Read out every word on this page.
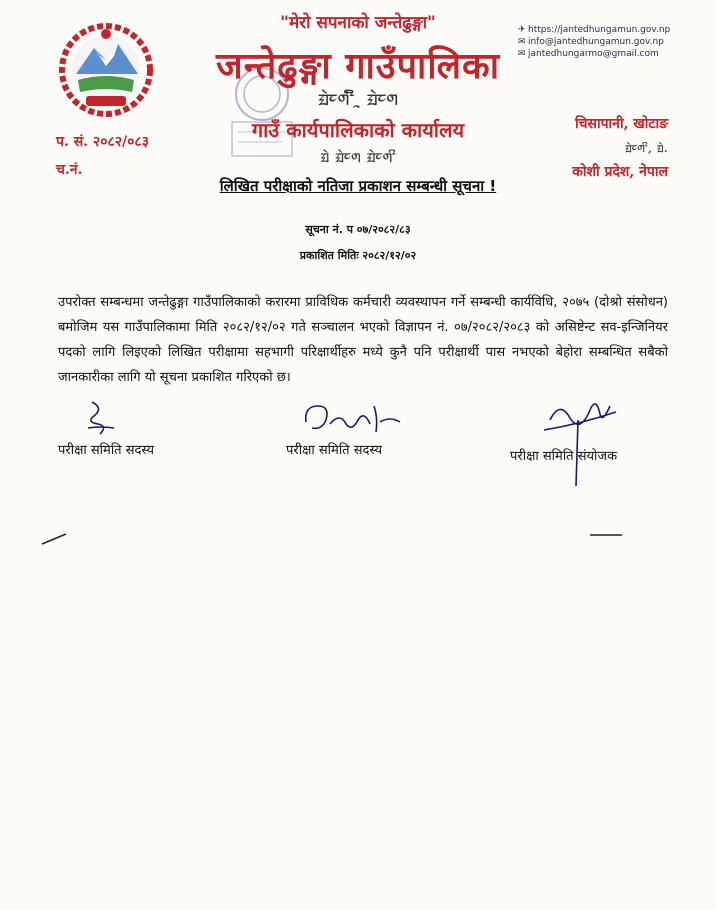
"मेरो सपनाको जन्तेढुङ्गा"
जन्तेढुङ्गा गाउँपालिका
ᤀᤧᤰᤛᤡᤠᤳ ᤀᤧᤰᤛ
गाउँ कार्यपालिकाको कार्यालय
ᤀᤧ ᤀᤧᤰᤛ ᤀᤧᤰᤛᤡ
✈ https://jantedhungamun.gov.np
✉ info@jantedhungamun.gov.np
✉ jantedhungarmo@gmail.com
चिसापानी, खोटाङ
ᤀᤧᤰᤛᤡ, ᤀᤧ.
कोशी प्रदेश, नेपाल
प. सं. २०८२/०८३
च.नं.
लिखित परीक्षाको नतिजा प्रकाशन सम्बन्धी सूचना !
सूचना नं. प ०७/२०८२/८३
प्रकाशित मितिः २०८२/१२/०२
उपरोक्त सम्बन्धमा जन्तेढुङ्गा गाउँपालिकाको करारमा प्राविधिक कर्मचारी व्यवस्थापन गर्ने सम्बन्धी कार्यविधि, २०७५ (दोश्रो संसोधन) बमोजिम यस गाउँपालिकामा मिति २०८२/१२/०२ गते सञ्चालन भएको विज्ञापन नं. ०७/२०८२/२०८३ को असिष्टेन्ट सव-इन्जिनियर पदको लागि लिइएको लिखित परीक्षामा सहभागी परिक्षार्थीहरु मध्ये कुनै पनि परीक्षार्थी पास नभएको बेहोरा सम्बन्धित सबैको जानकारीका लागि यो सूचना प्रकाशित गरिएको छ।
परीक्षा समिति सदस्य	परीक्षा समिति सदस्य	परीक्षा समिति संयोजक
